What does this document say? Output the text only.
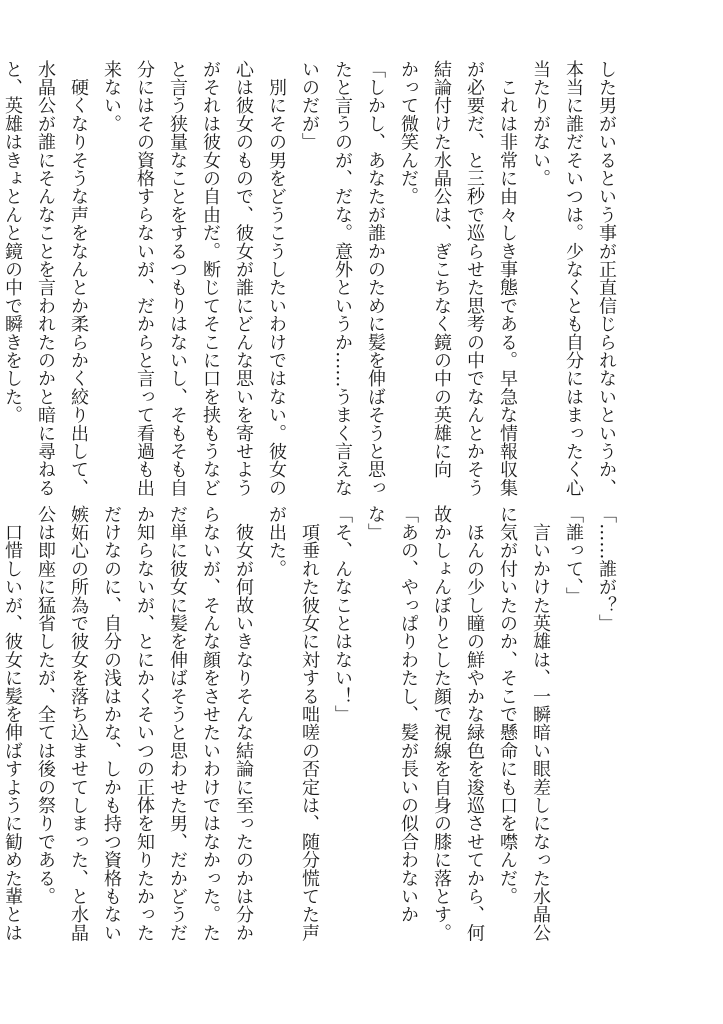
した男がいるという事が正直信じられないというか、
本当に誰だそいつは。少なくとも自分にはまったく心
当たりがない。
　これは非常に由々しき事態である。早急な情報収集
が必要だ、と三秒で巡らせた思考の中でなんとかそう
結論付けた水晶公は、ぎこちなく鏡の中の英雄に向
かって微笑んだ。
「しかし、あなたが誰かのために髪を伸ばそうと思っ
たと言うのが、だな。意外というか……うまく言えな
いのだが」
　別にその男をどうこうしたいわけではない。彼女の
心は彼女のもので、彼女が誰にどんな思いを寄せよう
がそれは彼女の自由だ。断じてそこに口を挟もうなど
と言う狭量なことをするつもりはないし、そもそも自
分にはその資格すらないが、だからと言って看過も出
来ない。
　硬くなりそうな声をなんとか柔らかく絞り出して、
水晶公が誰にそんなことを言われたのかと暗に尋ねる
と、英雄はきょとんと鏡の中で瞬きをした。
「……誰が？」
「誰って、」
　言いかけた英雄は、一瞬暗い眼差しになった水晶公
に気が付いたのか、そこで懸命にも口を噤んだ。
　ほんの少し瞳の鮮やかな緑色を逡巡させてから、何
故かしょんぼりとした顔で視線を自身の膝に落とす。
「あの、やっぱりわたし、髪が長いの似合わないか
な」
「そ、んなことはない！」
　項垂れた彼女に対する咄嗟の否定は、随分慌てた声
が出た。
　彼女が何故いきなりそんな結論に至ったのかは分か
らないが、そんな顔をさせたいわけではなかった。た
だ単に彼女に髪を伸ばそうと思わせた男、だかどうだ
か知らないが、とにかくそいつの正体を知りたかった
だけなのに、自分の浅はかな、しかも持つ資格もない
嫉妬心の所為で彼女を落ち込ませてしまった、と水晶
公は即座に猛省したが、全ては後の祭りである。
　口惜しいが、彼女に髪を伸ばすように勧めた輩とは
